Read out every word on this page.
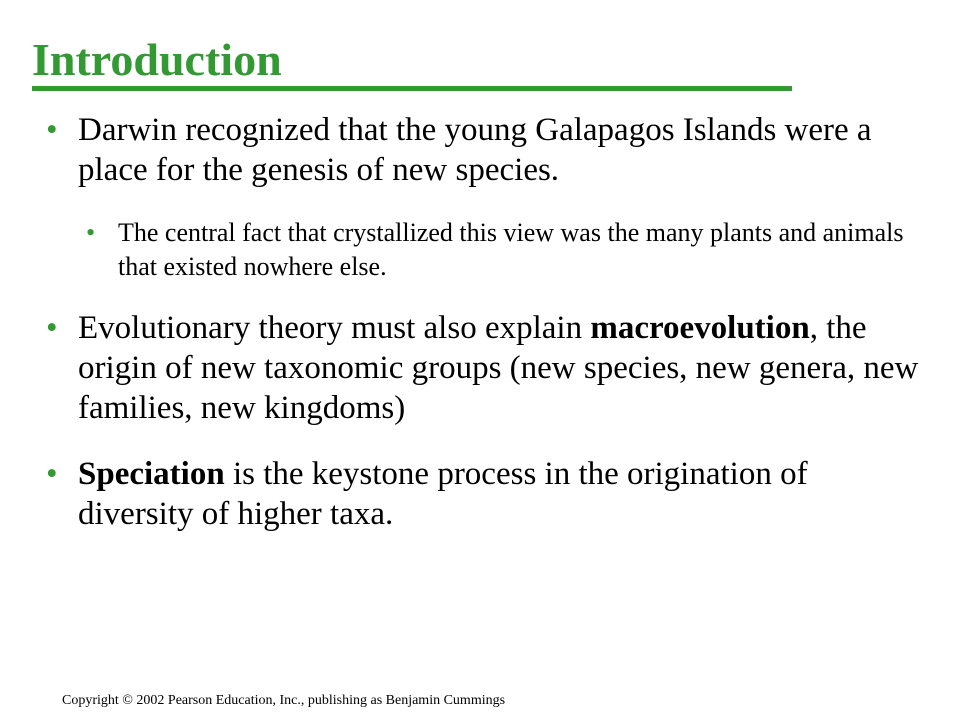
Introduction

• Darwin recognized that the young Galapagos Islands were a place for the genesis of new species.

• The central fact that crystallized this view was the many plants and animals that existed nowhere else.

• Evolutionary theory must also explain macroevolution, the origin of new taxonomic groups (new species, new genera, new families, new kingdoms)

• Speciation is the keystone process in the origination of diversity of higher taxa.

Copyright © 2002 Pearson Education, Inc., publishing as Benjamin Cummings
